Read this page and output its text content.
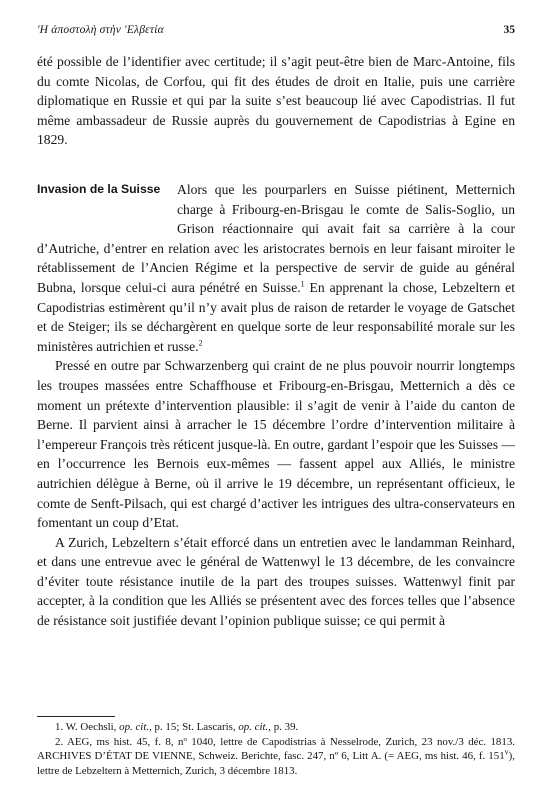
'Η ἀποστολὴ στὴν 'Ελβετία	35

été possible de l’identifier avec certitude; il s’agit peut-être bien de Marc-Antoine, fils du comte Nicolas, de Corfou, qui fit des études de droit en Italie, puis une carrière diplomatique en Russie et qui par la suite s’est beaucoup lié avec Capodistrias. Il fut même ambassadeur de Russie auprès du gouvernement de Capodistrias à Egine en 1829.

Invasion de la Suisse	Alors que les pourparlers en Suisse piétinent, Metternich charge à Fribourg-en-Brisgau le comte de Salis-Soglio, un Grison réactionnaire qui avait fait sa carrière à la cour d’Autriche, d’entrer en relation avec les aristocrates bernois en leur faisant miroiter le rétablissement de l’Ancien Régime et la perspective de servir de guide au général Bubna, lorsque celui-ci aura pénétré en Suisse.$^1$ En apprenant la chose, Lebzeltern et Capodistrias estimèrent qu’il n’y avait plus de raison de retarder le voyage de Gatschet et de Steiger; ils se déchargèrent en quelque sorte de leur responsabilité morale sur les ministères autrichien et russe.$^2$

Pressé en outre par Schwarzenberg qui craint de ne plus pouvoir nourrir longtemps les troupes massées entre Schaffhouse et Fribourg-en-Brisgau, Metternich a dès ce moment un prétexte d’intervention plausible: il s’agit de venir à l’aide du canton de Berne. Il parvient ainsi à arracher le 15 décembre l’ordre d’intervention militaire à l’empereur François très réticent jusque-là. En outre, gardant l’espoir que les Suisses — en l’occurrence les Bernois eux-mêmes — fassent appel aux Alliés, le ministre autrichien délègue à Berne, où il arrive le 19 décembre, un représentant officieux, le comte de Senft-Pilsach, qui est chargé d’activer les intrigues des ultra-conservateurs en fomentant un coup d’Etat.

A Zurich, Lebzeltern s’était efforcé dans un entretien avec le landamman Reinhard, et dans une entrevue avec le général de Wattenwyl le 13 décembre, de les convaincre d’éviter toute résistance inutile de la part des troupes suisses. Wattenwyl finit par accepter, à la condition que les Alliés se présentent avec des forces telles que l’absence de résistance soit justifiée devant l’opinion publique suisse; ce qui permit à

1. W. Oechsli, op. cit., p. 15; St. Lascaris, op. cit., p. 39.

2. AEG, ms hist. 45, f. 8, nº 1040, lettre de Capodistrias à Nesselrode, Zurich, 23 nov./3 déc. 1813. ARCHIVES D’ÉTAT DE VIENNE, Schweiz. Berichte, fasc. 247, nº 6, Litt A. (= AEG, ms hist. 46, f. 151$^v$), lettre de Lebzeltern à Metternich, Zurich, 3 décembre 1813.
